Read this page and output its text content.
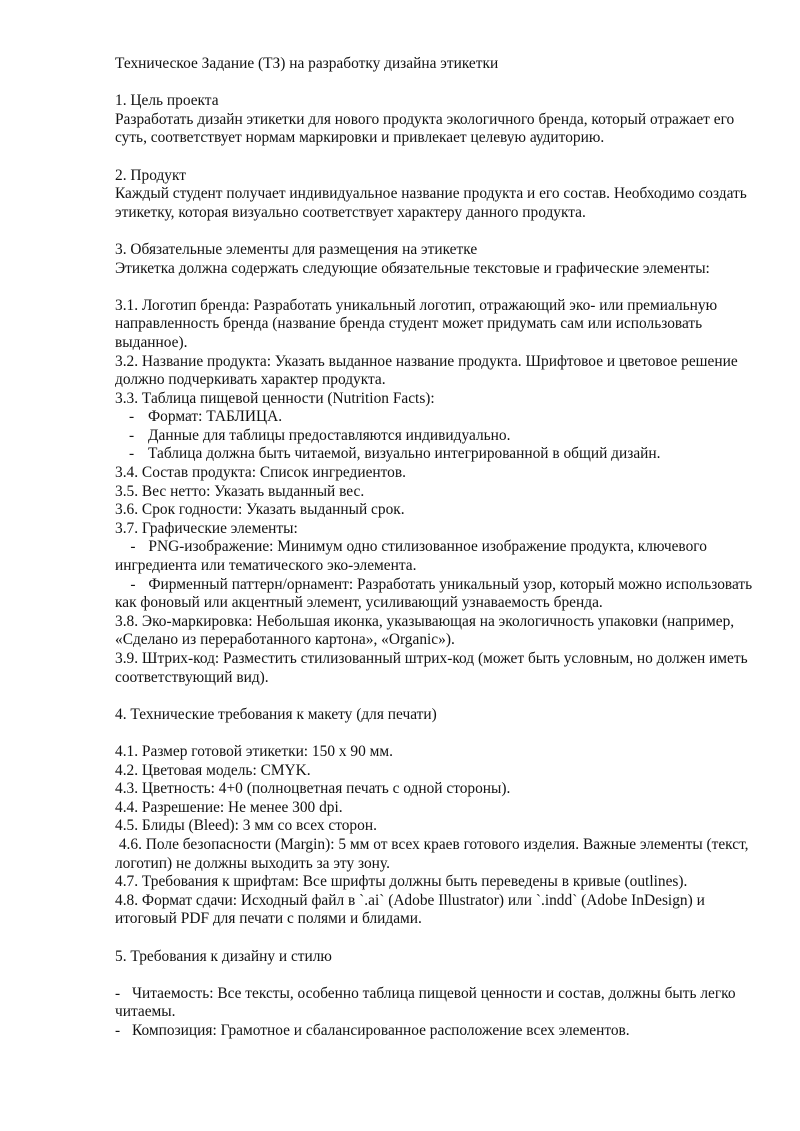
Техническое Задание (ТЗ) на разработку дизайна этикетки

1. Цель проекта

Разработать дизайн этикетки для нового продукта экологичного бренда, который отражает его суть, соответствует нормам маркировки и привлекает целевую аудиторию.

2. Продукт

Каждый студент получает индивидуальное название продукта и его состав. Необходимо создать этикетку, которая визуально соответствует характеру данного продукта.

3. Обязательные элементы для размещения на этикетке

Этикетка должна содержать следующие обязательные текстовые и графические элементы:

3.1. Логотип бренда: Разработать уникальный логотип, отражающий эко- или премиальную направленность бренда (название бренда студент может придумать сам или использовать выданное).

3.2. Название продукта: Указать выданное название продукта. Шрифтовое и цветовое решение должно подчеркивать характер продукта.

3.3. Таблица пищевой ценности (Nutrition Facts):

- Формат: ТАБЛИЦА.

- Данные для таблицы предоставляются индивидуально.

- Таблица должна быть читаемой, визуально интегрированной в общий дизайн.

3.4. Состав продукта: Список ингредиентов.

3.5. Вес нетто: Указать выданный вес.

3.6. Срок годности: Указать выданный срок.

3.7. Графические элементы:

- PNG-изображение: Минимум одно стилизованное изображение продукта, ключевого ингредиента или тематического эко-элемента.

- Фирменный паттерн/орнамент: Разработать уникальный узор, который можно использовать как фоновый или акцентный элемент, усиливающий узнаваемость бренда.

3.8. Эко-маркировка: Небольшая иконка, указывающая на экологичность упаковки (например, «Сделано из переработанного картона», «Organic»).

3.9. Штрих-код: Разместить стилизованный штрих-код (может быть условным, но должен иметь соответствующий вид).

4. Технические требования к макету (для печати)

4.1. Размер готовой этикетки: 150 x 90 мм.

4.2. Цветовая модель: CMYK.

4.3. Цветность: 4+0 (полноцветная печать с одной стороны).

4.4. Разрешение: Не менее 300 dpi.

4.5. Блиды (Bleed): 3 мм со всех сторон.

4.6. Поле безопасности (Margin): 5 мм от всех краев готового изделия. Важные элементы (текст, логотип) не должны выходить за эту зону.

4.7. Требования к шрифтам: Все шрифты должны быть переведены в кривые (outlines).

4.8. Формат сдачи: Исходный файл в `.ai` (Adobe Illustrator) или `.indd` (Adobe InDesign) и итоговый PDF для печати с полями и блидами.

5. Требования к дизайну и стилю

- Читаемость: Все тексты, особенно таблица пищевой ценности и состав, должны быть легко читаемы.

- Композиция: Грамотное и сбалансированное расположение всех элементов.
